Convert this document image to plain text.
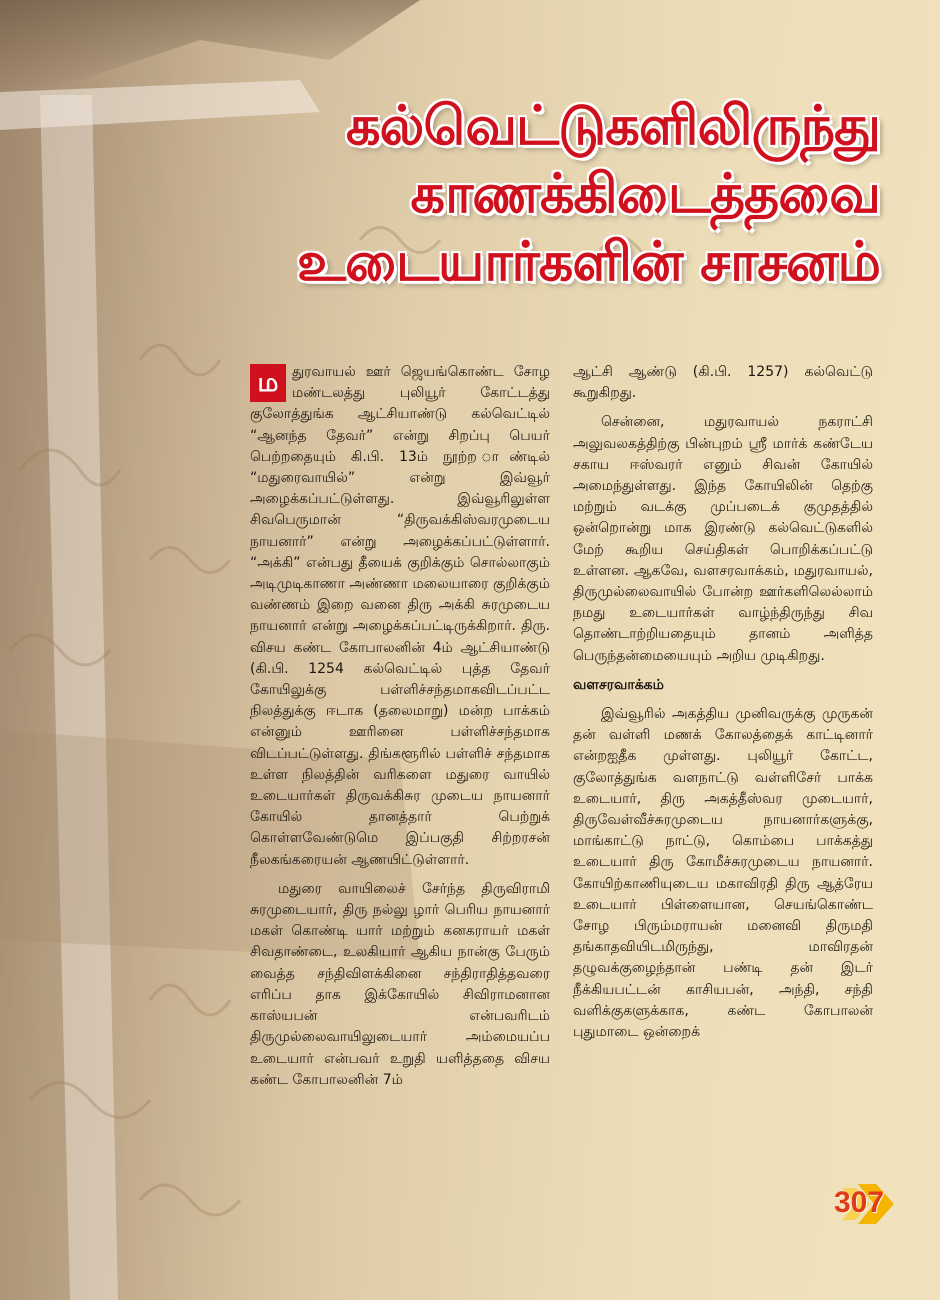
கல்வெட்டுகளிலிருந்து
காணக்கிடைத்தவை
உடையார்களின் சாசனம்

ம துரவாயல் ஊர் ஜெயங்கொண்ட சோழ மண்டலத்து புலியூர் கோட்டத்து குலோத்துங்க ஆட்சியாண்டு கல்வெட்டில் “ஆனந்த தேவர்” என்று சிறப்பு பெயர் பெற்றதையும் கி.பி. 13ம் நூற்ற ாண்டில் “மதுரைவாயில்” என்று இவ்வூர் அழைக்கப்பட்டுள்ளது. இவ்வூரிலுள்ள சிவபெருமான் “திருவக்கிஸ்வரமுடைய நாயனார்” என்று அழைக்கப்பட்டுள்ளார். “அக்கி” என்பது தீயைக் குறிக்கும் சொல்லாகும் அடிமுடிகாணா அண்ணா மலையாரை குறிக்கும் வண்ணம் இறை வனை திரு அக்கி சுரமுடைய நாயனார் என்று அழைக்கப்பட்டிருக்கிறார். திரு. விசய கண்ட கோபாலனின் 4ம் ஆட்சியாண்டு (கி.பி. 1254 கல்வெட்டில் புத்த தேவர் கோயிலுக்கு பள்ளிச்சந்தமாகவிடப்பட்ட நிலத்துக்கு ஈடாக (தலைமாறு) மன்ற பாக்கம் என்னும் ஊரினை பள்ளிச்சந்தமாக விடப்பட்டுள்ளது. திங்களூரில் பள்ளிச் சந்தமாக உள்ள நிலத்தின் வரிகளை மதுரை வாயில் உடையார்கள் திருவக்கிசுர முடைய நாயனார் கோயில் தானத்தார் பெற்றுக் கொள்ளவேண்டுமெ இப்பகுதி சிற்றரசன் நீலகங்கரையன் ஆணயிட்டுள்ளார்.

மதுரை வாயிலைச் சேர்ந்த திருவிராமி சுரமுடையார், திரு நல்லு ழார் பெரிய நாயனார் மகள் கொண்டி யார் மற்றும் கனகராயர் மகள் சிவதாண்டை, உலகியார் ஆகிய நான்கு பேரும் வைத்த சந்திவிளக்கினை சந்திராதித்தவரை எரிப்ப தாக இக்கோயில் சிவிராமனான காஸ்யபன் என்பவரிடம் திருமுல்லைவாயிலுடையார் அம்மையப்ப உடையார் என்பவர் உறுதி யளித்ததை விசய கண்ட கோபாலனின் 7ம்

ஆட்சி ஆண்டு (கி.பி. 1257) கல்வெட்டு கூறுகிறது.

சென்னை, மதுரவாயல் நகராட்சி அலுவலகத்திற்கு பின்புறம் ஸ்ரீ மார்க் கண்டேய சகாய ஈஸ்வரர் எனும் சிவன் கோயில் அமைந்துள்ளது. இந்த கோயிலின் தெற்கு மற்றும் வடக்கு முப்படைக் குமுதத்தில் ஒன்றொன்று மாக இரண்டு கல்வெட்டுகளில் மேற் கூறிய செய்திகள் பொறிக்கப்பட்டு உள்ளன. ஆகவே, வளசரவாக்கம், மதுரவாயல், திருமுல்லைவாயில் போன்ற ஊர்களிலெல்லாம் நமது உடையார்கள் வாழ்ந்திருந்து சிவ தொண்டாற்றியதையும் தானம் அளித்த பெருந்தன்மையையும் அறிய முடிகிறது.

வளசரவாக்கம்

இவ்வூரில் அகத்திய முனிவருக்கு முருகன் தன் வள்ளி மணக் கோலத்தைக் காட்டினார் என்றஐதீக முள்ளது. புலியூர் கோட்ட, குலோத்துங்க வளநாட்டு வள்ளிசேர் பாக்க உடையார், திரு அகத்தீஸ்வர முடையார், திருவேள்வீச்சுரமுடைய நாயனார்களுக்கு, மாங்காட்டு நாட்டு, கொம்பை பாக்கத்து உடையார் திரு கோமீச்சுரமுடைய நாயனார். கோயிற்காணியுடைய மகாவிரதி திரு ஆத்ரேய உடையார் பிள்ளையான, செயங்கொண்ட சோழ பிரும்மராயன் மனைவி திருமதி தங்காதவியிடமிருந்து, மாவிரதன் தழுவக்குழைந்தான் பண்டி தன் இடர் நீக்கியபட்டன் காசியபன், அந்தி, சந்தி வளிக்குகளுக்காக, கண்ட கோபாலன் புதுமாடை ஒன்றைக்

307
